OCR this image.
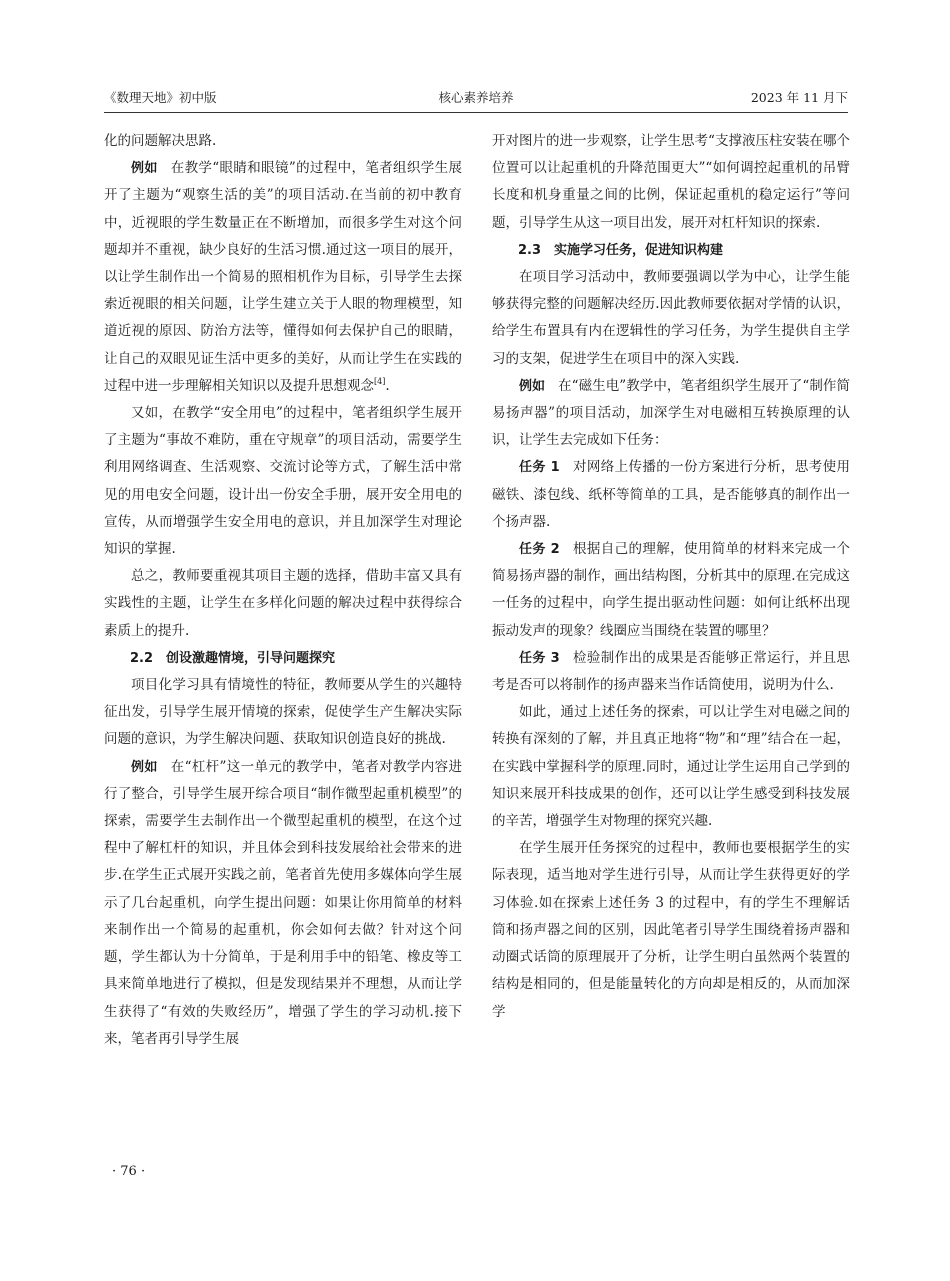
《数理天地》初中版	核心素养培养	2023 年 11 月下

化的问题解决思路.

例如 在教学“眼睛和眼镜”的过程中，笔者组织学生展开了主题为“观察生活的美”的项目活动.在当前的初中教育中，近视眼的学生数量正在不断增加，而很多学生对这个问题却并不重视，缺少良好的生活习惯.通过这一项目的展开，以让学生制作出一个简易的照相机作为目标，引导学生去探索近视眼的相关问题，让学生建立关于人眼的物理模型，知道近视的原因、防治方法等，懂得如何去保护自己的眼睛，让自己的双眼见证生活中更多的美好，从而让学生在实践的过程中进一步理解相关知识以及提升思想观念[4].

又如，在教学“安全用电”的过程中，笔者组织学生展开了主题为“事故不难防，重在守规章”的项目活动，需要学生利用网络调查、生活观察、交流讨论等方式，了解生活中常见的用电安全问题，设计出一份安全手册，展开安全用电的宣传，从而增强学生安全用电的意识，并且加深学生对理论知识的掌握.

总之，教师要重视其项目主题的选择，借助丰富又具有实践性的主题，让学生在多样化问题的解决过程中获得综合素质上的提升.

2.2　创设激趣情境，引导问题探究

项目化学习具有情境性的特征，教师要从学生的兴趣特征出发，引导学生展开情境的探索，促使学生产生解决实际问题的意识，为学生解决问题、获取知识创造良好的挑战.

例如 在“杠杆”这一单元的教学中，笔者对教学内容进行了整合，引导学生展开综合项目“制作微型起重机模型”的探索，需要学生去制作出一个微型起重机的模型，在这个过程中了解杠杆的知识，并且体会到科技发展给社会带来的进步.在学生正式展开实践之前，笔者首先使用多媒体向学生展示了几台起重机，向学生提出问题：如果让你用简单的材料来制作出一个简易的起重机，你会如何去做？针对这个问题，学生都认为十分简单，于是利用手中的铅笔、橡皮等工具来简单地进行了模拟，但是发现结果并不理想，从而让学生获得了“有效的失败经历”，增强了学生的学习动机.接下来，笔者再引导学生展

开对图片的进一步观察，让学生思考“支撑液压柱安装在哪个位置可以让起重机的升降范围更大”“如何调控起重机的吊臂长度和机身重量之间的比例，保证起重机的稳定运行”等问题，引导学生从这一项目出发，展开对杠杆知识的探索.

2.3　实施学习任务，促进知识构建

在项目学习活动中，教师要强调以学为中心，让学生能够获得完整的问题解决经历.因此教师要依据对学情的认识，给学生布置具有内在逻辑性的学习任务，为学生提供自主学习的支架，促进学生在项目中的深入实践.

例如 在“磁生电”教学中，笔者组织学生展开了“制作简易扬声器”的项目活动，加深学生对电磁相互转换原理的认识，让学生去完成如下任务：

任务 1 对网络上传播的一份方案进行分析，思考使用磁铁、漆包线、纸杯等简单的工具，是否能够真的制作出一个扬声器.

任务 2 根据自己的理解，使用简单的材料来完成一个简易扬声器的制作，画出结构图，分析其中的原理.在完成这一任务的过程中，向学生提出驱动性问题：如何让纸杯出现振动发声的现象？线圈应当围绕在装置的哪里？

任务 3 检验制作出的成果是否能够正常运行，并且思考是否可以将制作的扬声器来当作话筒使用，说明为什么.

如此，通过上述任务的探索，可以让学生对电磁之间的转换有深刻的了解，并且真正地将“物”和“理”结合在一起，在实践中掌握科学的原理.同时，通过让学生运用自己学到的知识来展开科技成果的创作，还可以让学生感受到科技发展的辛苦，增强学生对物理的探究兴趣.

在学生展开任务探究的过程中，教师也要根据学生的实际表现，适当地对学生进行引导，从而让学生获得更好的学习体验.如在探索上述任务 3 的过程中，有的学生不理解话筒和扬声器之间的区别，因此笔者引导学生围绕着扬声器和动圈式话筒的原理展开了分析，让学生明白虽然两个装置的结构是相同的，但是能量转化的方向却是相反的，从而加深学

· 76 ·
